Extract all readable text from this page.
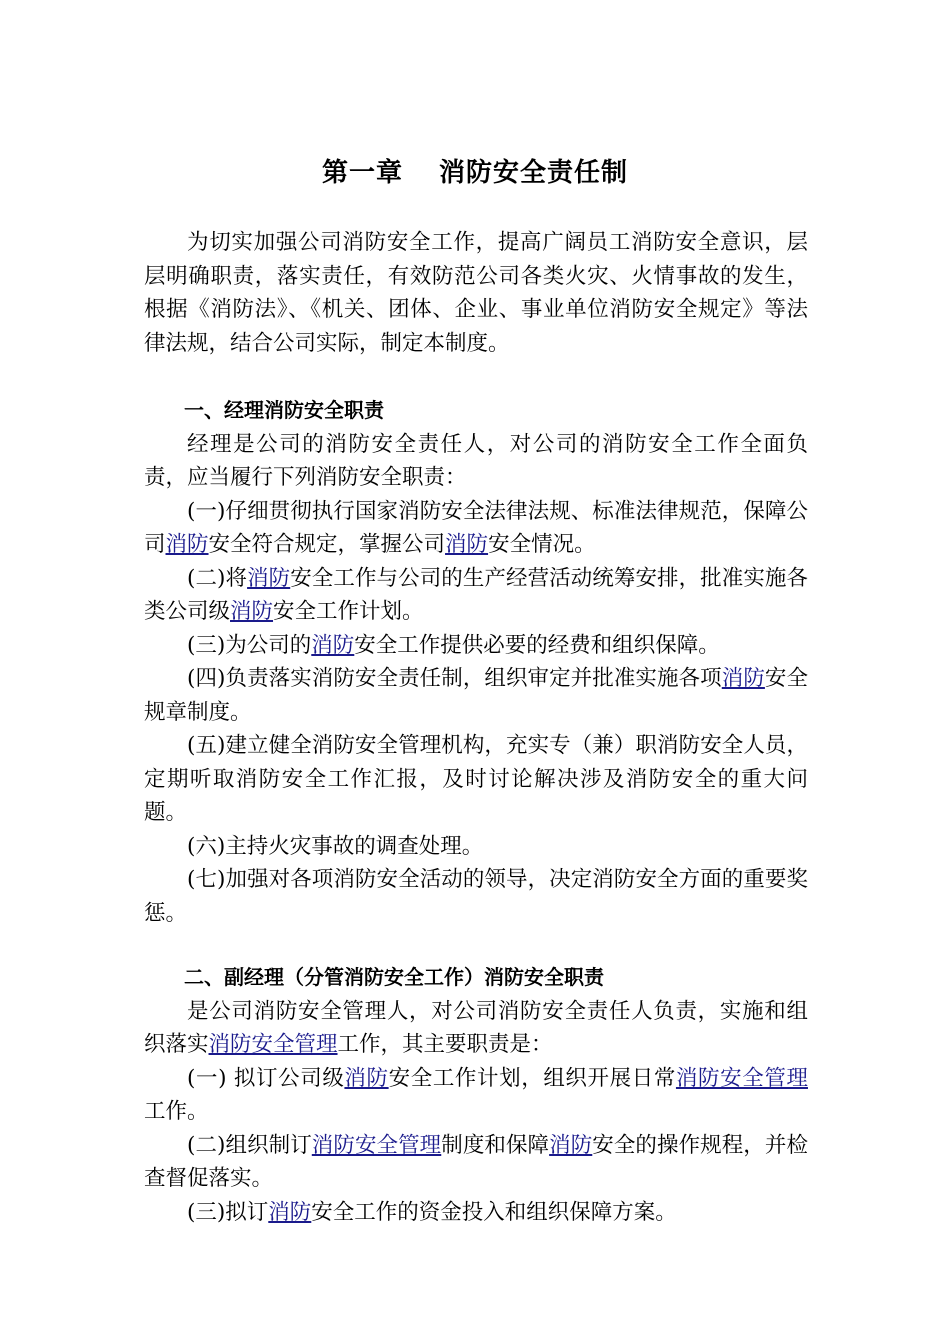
第一章 消防安全责任制

为切实加强公司消防安全工作，提高广阔员工消防安全意识，层层明确职责，落实责任，有效防范公司各类火灾、火情事故的发生，根据《消防法》、《机关、团体、企业、事业单位消防安全规定》等法律法规，结合公司实际，制定本制度。

一、经理消防安全职责

经理是公司的消防安全责任人，对公司的消防安全工作全面负责，应当履行下列消防安全职责：

(一)仔细贯彻执行国家消防安全法律法规、标准法律规范，保障公司消防安全符合规定，掌握公司消防安全情况。

(二)将消防安全工作与公司的生产经营活动统筹安排，批准实施各类公司级消防安全工作计划。

(三)为公司的消防安全工作提供必要的经费和组织保障。

(四)负责落实消防安全责任制，组织审定并批准实施各项消防安全规章制度。

(五)建立健全消防安全管理机构，充实专（兼）职消防安全人员，定期听取消防安全工作汇报，及时讨论解决涉及消防安全的重大问题。

(六)主持火灾事故的调查处理。

(七)加强对各项消防安全活动的领导，决定消防安全方面的重要奖惩。

二、副经理（分管消防安全工作）消防安全职责

是公司消防安全管理人，对公司消防安全责任人负责，实施和组织落实消防安全管理工作，其主要职责是：

(一) 拟订公司级消防安全工作计划，组织开展日常消防安全管理工作。

(二)组织制订消防安全管理制度和保障消防安全的操作规程，并检查督促落实。

(三)拟订消防安全工作的资金投入和组织保障方案。
